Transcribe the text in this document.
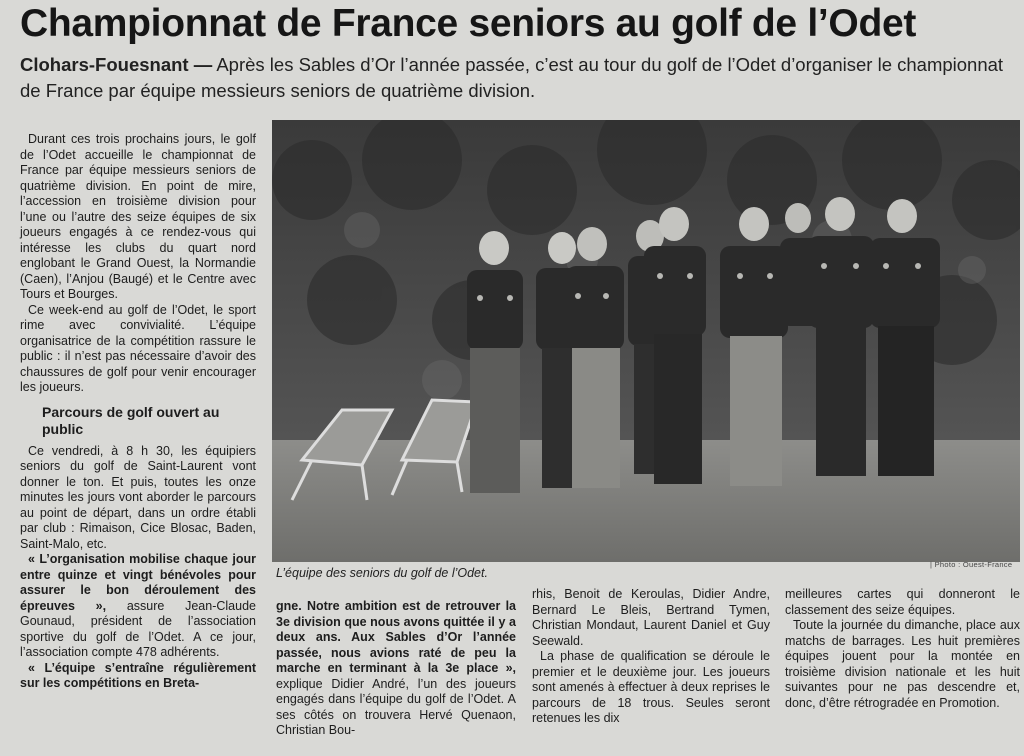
Championnat de France seniors au golf de l’Odet
Clohars-Fouesnant — Après les Sables d’Or l’année passée, c’est au tour du golf de l’Odet d’organiser le championnat de France par équipe messieurs seniors de quatrième division.

Durant ces trois prochains jours, le golf de l’Odet accueille le championnat de France par équipe messieurs seniors de quatrième division. En point de mire, l’accession en troisième division pour l’une ou l’autre des seize équipes de six joueurs engagés à ce rendez-vous qui intéresse les clubs du quart nord englobant le Grand Ouest, la Normandie (Caen), l’Anjou (Baugé) et le Centre avec Tours et Bourges.

Ce week-end au golf de l’Odet, le sport rime avec convivialité. L’équipe organisatrice de la compétition rassure le public : il n’est pas nécessaire d’avoir des chaussures de golf pour venir encourager les joueurs.

Parcours de golf ouvert au public

Ce vendredi, à 8 h 30, les équipiers seniors du golf de Saint-Laurent vont donner le ton. Et puis, toutes les onze minutes les jours vont aborder le parcours au point de départ, dans un ordre établi par club : Rimaison, Cice Blosac, Baden, Saint-Malo, etc.

« L’organisation mobilise chaque jour entre quinze et vingt bénévoles pour assurer le bon déroulement des épreuves », assure Jean-Claude Gounaud, président de l’association sportive du golf de l’Odet. A ce jour, l’association compte 478 adhérents.

« L’équipe s’entraîne régulièrement sur les compétitions en Breta-

L’équipe des seniors du golf de l’Odet.
| Photo : Ouest-France

gne. Notre ambition est de retrouver la 3e division que nous avons quittée il y a deux ans. Aux Sables d’Or l’année passée, nous avions raté de peu la marche en terminant à la 3e place », explique Didier André, l’un des joueurs engagés dans l’équipe du golf de l’Odet. A ses côtés on trouvera Hervé Quenaon, Christian Bou-

rhis, Benoit de Keroulas, Didier Andre, Bernard Le Bleis, Bertrand Tymen, Christian Mondaut, Laurent Daniel et Guy Seewald.

La phase de qualification se déroule le premier et le deuxième jour. Les joueurs sont amenés à effectuer à deux reprises le parcours de 18 trous. Seules seront retenues les dix

meilleures cartes qui donneront le classement des seize équipes.

Toute la journée du dimanche, place aux matchs de barrages. Les huit premières équipes jouent pour la montée en troisième division nationale et les huit suivantes pour ne pas descendre et, donc, d’être rétrogradée en Promotion.
